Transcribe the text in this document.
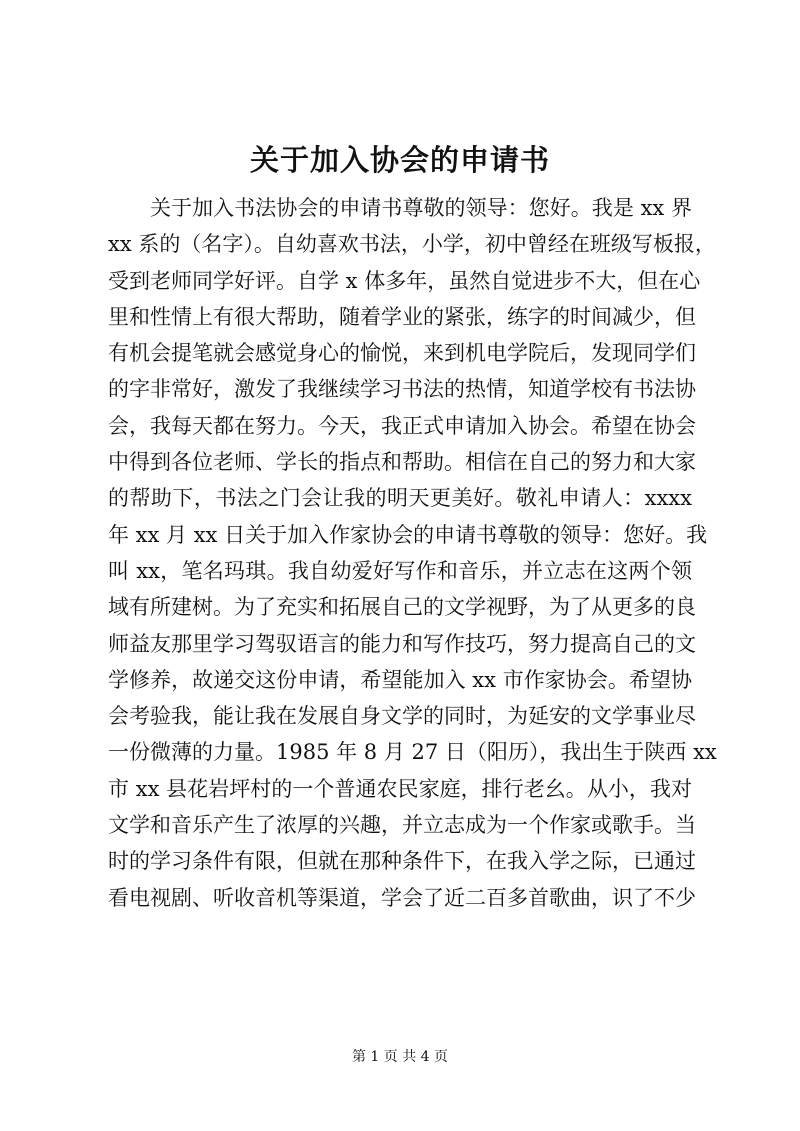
关于加入协会的申请书
关于加入书法协会的申请书尊敬的领导：您好。我是 xx 界
xx 系的（名字）。自幼喜欢书法，小学，初中曾经在班级写板报，
受到老师同学好评。自学 x 体多年，虽然自觉进步不大，但在心
里和性情上有很大帮助，随着学业的紧张，练字的时间减少，但
有机会提笔就会感觉身心的愉悦，来到机电学院后，发现同学们
的字非常好，激发了我继续学习书法的热情，知道学校有书法协
会，我每天都在努力。今天，我正式申请加入协会。希望在协会
中得到各位老师、学长的指点和帮助。相信在自己的努力和大家
的帮助下，书法之门会让我的明天更美好。敬礼申请人：xxxx
年 xx 月 xx 日关于加入作家协会的申请书尊敬的领导：您好。我
叫 xx，笔名玛琪。我自幼爱好写作和音乐，并立志在这两个领
域有所建树。为了充实和拓展自己的文学视野，为了从更多的良
师益友那里学习驾驭语言的能力和写作技巧，努力提高自己的文
学修养，故递交这份申请，希望能加入 xx 市作家协会。希望协
会考验我，能让我在发展自身文学的同时，为延安的文学事业尽
一份微薄的力量。1985 年 8 月 27 日（阳历），我出生于陕西 xx
市 xx 县花岩坪村的一个普通农民家庭，排行老幺。从小，我对
文学和音乐产生了浓厚的兴趣，并立志成为一个作家或歌手。当
时的学习条件有限，但就在那种条件下，在我入学之际，已通过
看电视剧、听收音机等渠道，学会了近二百多首歌曲，识了不少

第 1 页 共 4 页
